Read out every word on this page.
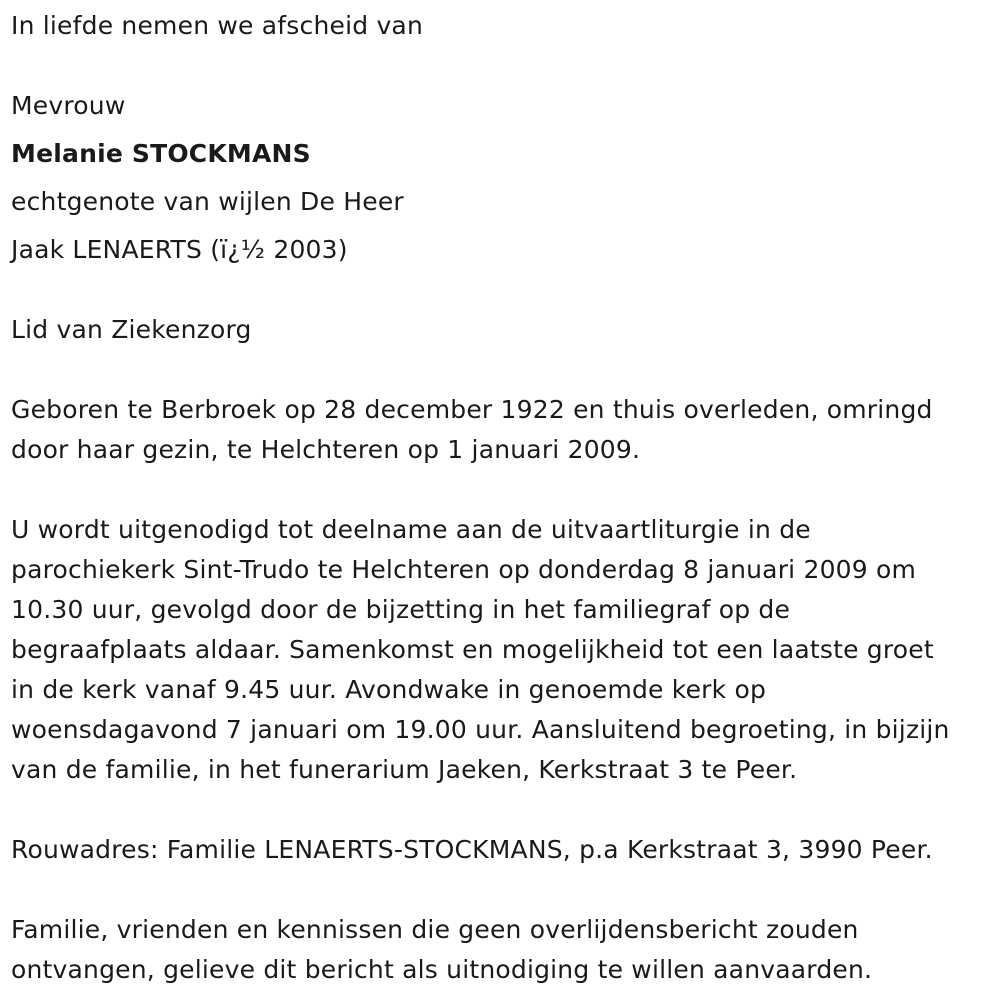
In liefde nemen we afscheid van
Mevrouw
Melanie STOCKMANS
echtgenote van wijlen De Heer
Jaak LENAERTS (ï¿½ 2003)
Lid van Ziekenzorg
Geboren te Berbroek op 28 december 1922 en thuis overleden, omringd
door haar gezin, te Helchteren op 1 januari 2009.
U wordt uitgenodigd tot deelname aan de uitvaartliturgie in de
parochiekerk Sint-Trudo te Helchteren op donderdag 8 januari 2009 om
10.30 uur, gevolgd door de bijzetting in het familiegraf op de
begraafplaats aldaar. Samenkomst en mogelijkheid tot een laatste groet
in de kerk vanaf 9.45 uur. Avondwake in genoemde kerk op
woensdagavond 7 januari om 19.00 uur. Aansluitend begroeting, in bijzijn
van de familie, in het funerarium Jaeken, Kerkstraat 3 te Peer.
Rouwadres: Familie LENAERTS-STOCKMANS, p.a Kerkstraat 3, 3990 Peer.
Familie, vrienden en kennissen die geen overlijdensbericht zouden
ontvangen, gelieve dit bericht als uitnodiging te willen aanvaarden.
